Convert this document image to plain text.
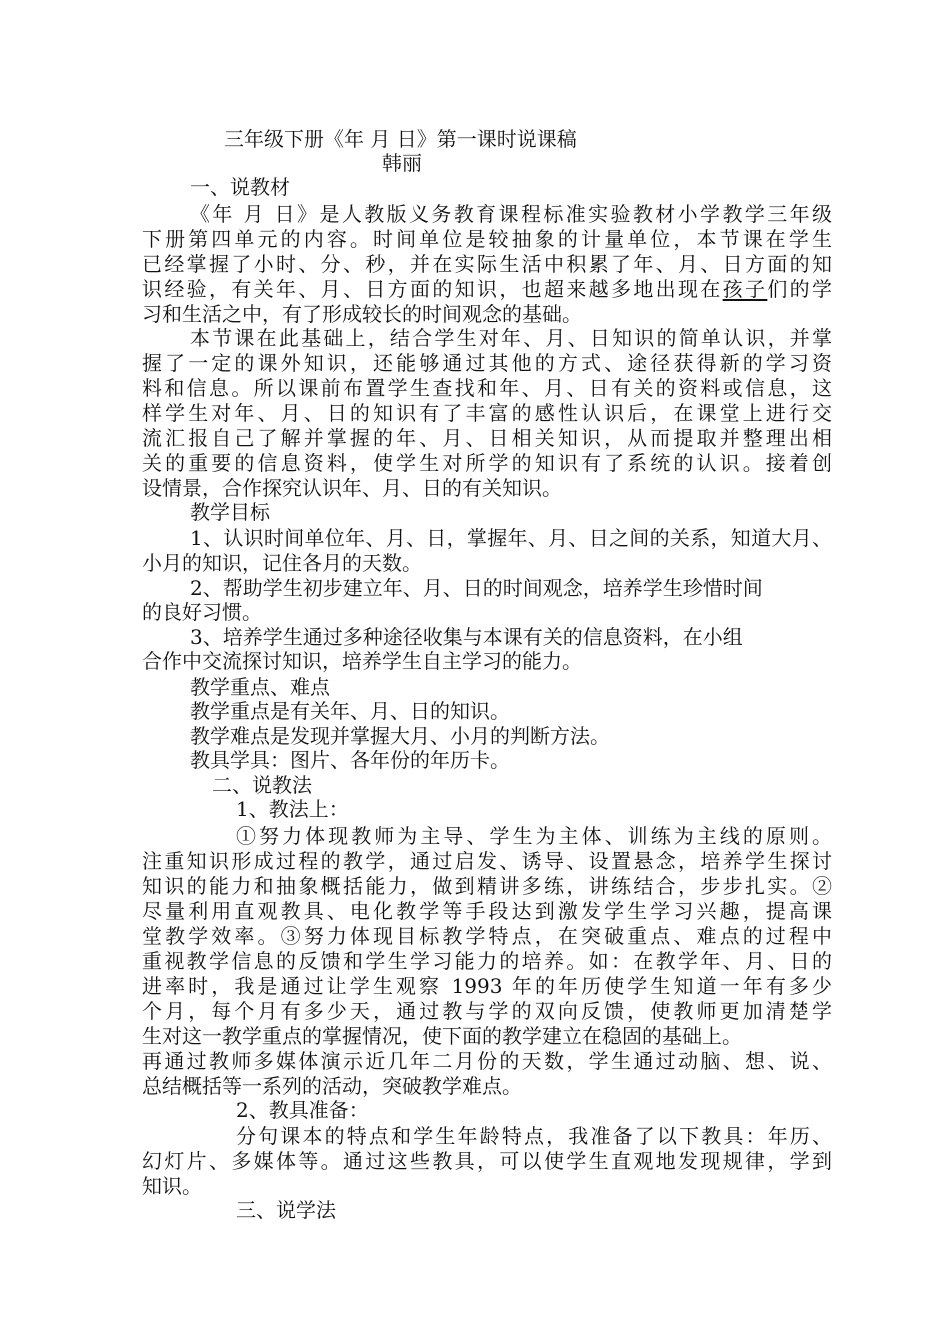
三年级下册《年 月 日》第一课时说课稿
韩丽
一、说教材
《年 月 日》是人教版义务教育课程标准实验教材小学教学三年级
下册第四单元的内容。时间单位是较抽象的计量单位，本节课在学生
已经掌握了小时、分、秒，并在实际生活中积累了年、月、日方面的知
识经验，有关年、月、日方面的知识，也超来越多地出现在孩子们的学
习和生活之中，有了形成较长的时间观念的基础。
本节课在此基础上，结合学生对年、月、日知识的简单认识，并掌
握了一定的课外知识，还能够通过其他的方式、途径获得新的学习资
料和信息。所以课前布置学生查找和年、月、日有关的资料或信息，这
样学生对年、月、日的知识有了丰富的感性认识后，在课堂上进行交
流汇报自己了解并掌握的年、月、日相关知识，从而提取并整理出相
关的重要的信息资料，使学生对所学的知识有了系统的认识。接着创
设情景，合作探究认识年、月、日的有关知识。
教学目标
1、认识时间单位年、月、日，掌握年、月、日之间的关系，知道大月、
小月的知识，记住各月的天数。
2、帮助学生初步建立年、月、日的时间观念，培养学生珍惜时间
的良好习惯。
3、培养学生通过多种途径收集与本课有关的信息资料，在小组
合作中交流探讨知识，培养学生自主学习的能力。
教学重点、难点
教学重点是有关年、月、日的知识。
教学难点是发现并掌握大月、小月的判断方法。
教具学具：图片、各年份的年历卡。
二、说教法
1、教法上：
①努力体现教师为主导、学生为主体、训练为主线的原则。
注重知识形成过程的教学，通过启发、诱导、设置悬念，培养学生探讨
知识的能力和抽象概括能力，做到精讲多练，讲练结合，步步扎实。②
尽量利用直观教具、电化教学等手段达到激发学生学习兴趣，提高课
堂教学效率。③努力体现目标教学特点，在突破重点、难点的过程中
重视教学信息的反馈和学生学习能力的培养。如：在教学年、月、日的
进率时，我是通过让学生观察 1993 年的年历使学生知道一年有多少
个月，每个月有多少天，通过教与学的双向反馈，使教师更加清楚学
生对这一教学重点的掌握情况，使下面的教学建立在稳固的基础上。
再通过教师多媒体演示近几年二月份的天数，学生通过动脑、想、说、
总结概括等一系列的活动，突破教学难点。
2、教具准备：
分句课本的特点和学生年龄特点，我准备了以下教具：年历、
幻灯片、多媒体等。通过这些教具，可以使学生直观地发现规律，学到
知识。
三、说学法
